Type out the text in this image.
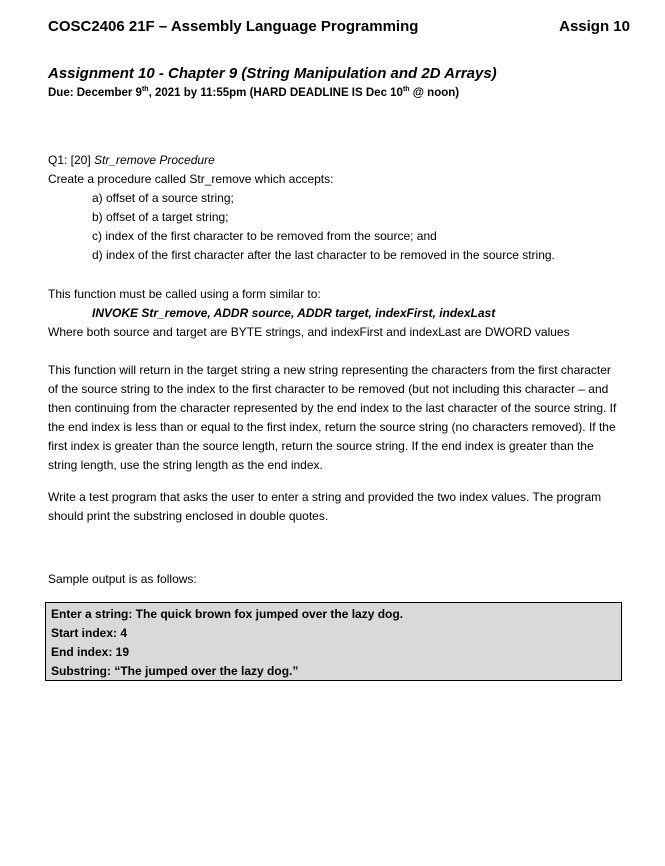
COSC2406 21F – Assembly Language Programming	Assign 10
Assignment 10 - Chapter 9 (String Manipulation and 2D Arrays)
Due: December 9th, 2021 by 11:55pm (HARD DEADLINE IS Dec 10th @ noon)
Q1: [20] Str_remove Procedure
Create a procedure called Str_remove which accepts:
a) offset of a source string;
b) offset of a target string;
c) index of the first character to be removed from the source; and
d) index of the first character after the last character to be removed in the source string.
This function must be called using a form similar to:
INVOKE Str_remove, ADDR source, ADDR target, indexFirst, indexLast
Where both source and target are BYTE strings, and indexFirst and indexLast are DWORD values
This function will return in the target string a new string representing the characters from the first character of the source string to the index to the first character to be removed (but not including this character – and then continuing from the character represented by the end index to the last character of the source string. If the end index is less than or equal to the first index, return the source string (no characters removed). If the first index is greater than the source length, return the source string. If the end index is greater than the string length, use the string length as the end index.
Write a test program that asks the user to enter a string and provided the two index values. The program should print the substring enclosed in double quotes.
Sample output is as follows:
Enter a string: The quick brown fox jumped over the lazy dog.
Start index: 4
End index: 19
Substring: “The jumped over the lazy dog.”
